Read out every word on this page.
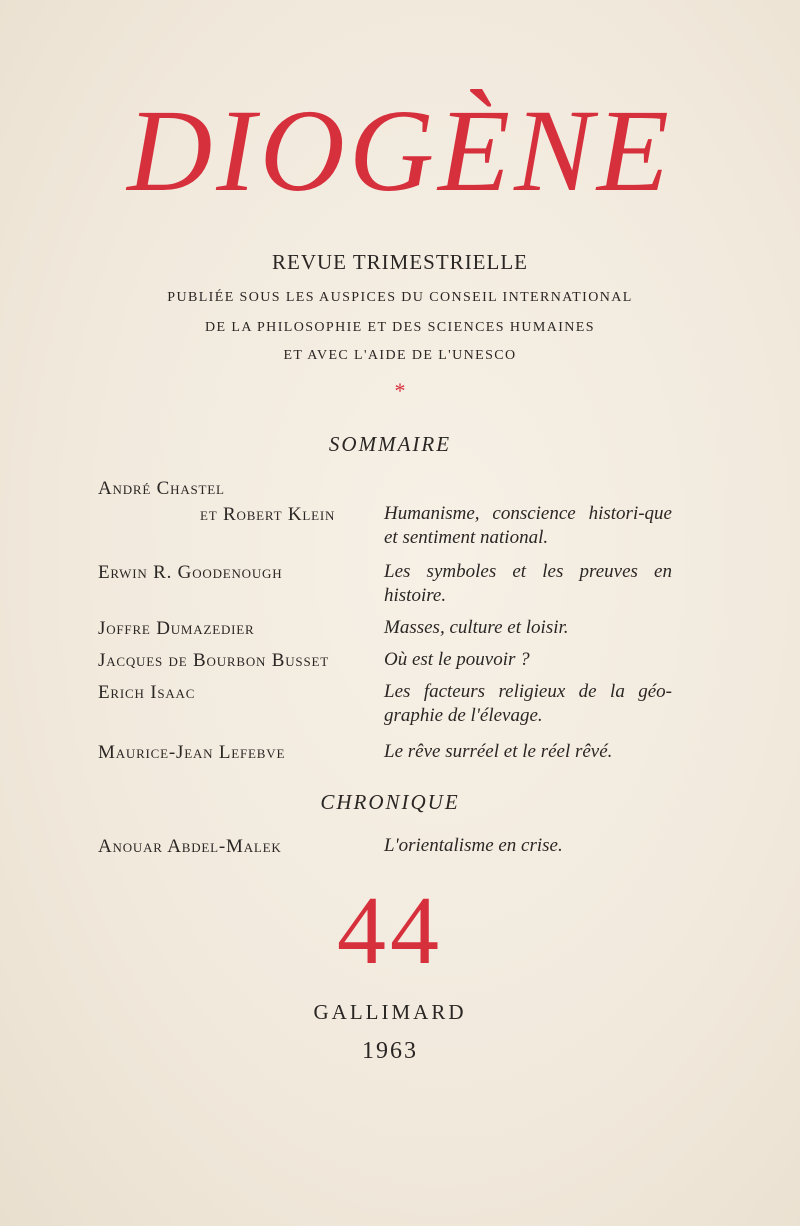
DIOGÈNE
REVUE TRIMESTRIELLE
PUBLIÉE SOUS LES AUSPICES DU CONSEIL INTERNATIONAL
DE LA PHILOSOPHIE ET DES SCIENCES HUMAINES
ET AVEC L'AIDE DE L'UNESCO
*
SOMMAIRE
André Chastel
et Robert Klein	Humanisme, conscience histori-que et sentiment national.
Erwin R. Goodenough	Les symboles et les preuves en histoire.
Joffre Dumazedier	Masses, culture et loisir.
Jacques de Bourbon Busset	Où est le pouvoir ?
Erich Isaac	Les facteurs religieux de la géo-graphie de l'élevage.
Maurice-Jean Lefebve	Le rêve surréel et le réel rêvé.
CHRONIQUE
Anouar Abdel-Malek	L'orientalisme en crise.
44
GALLIMARD
1963
